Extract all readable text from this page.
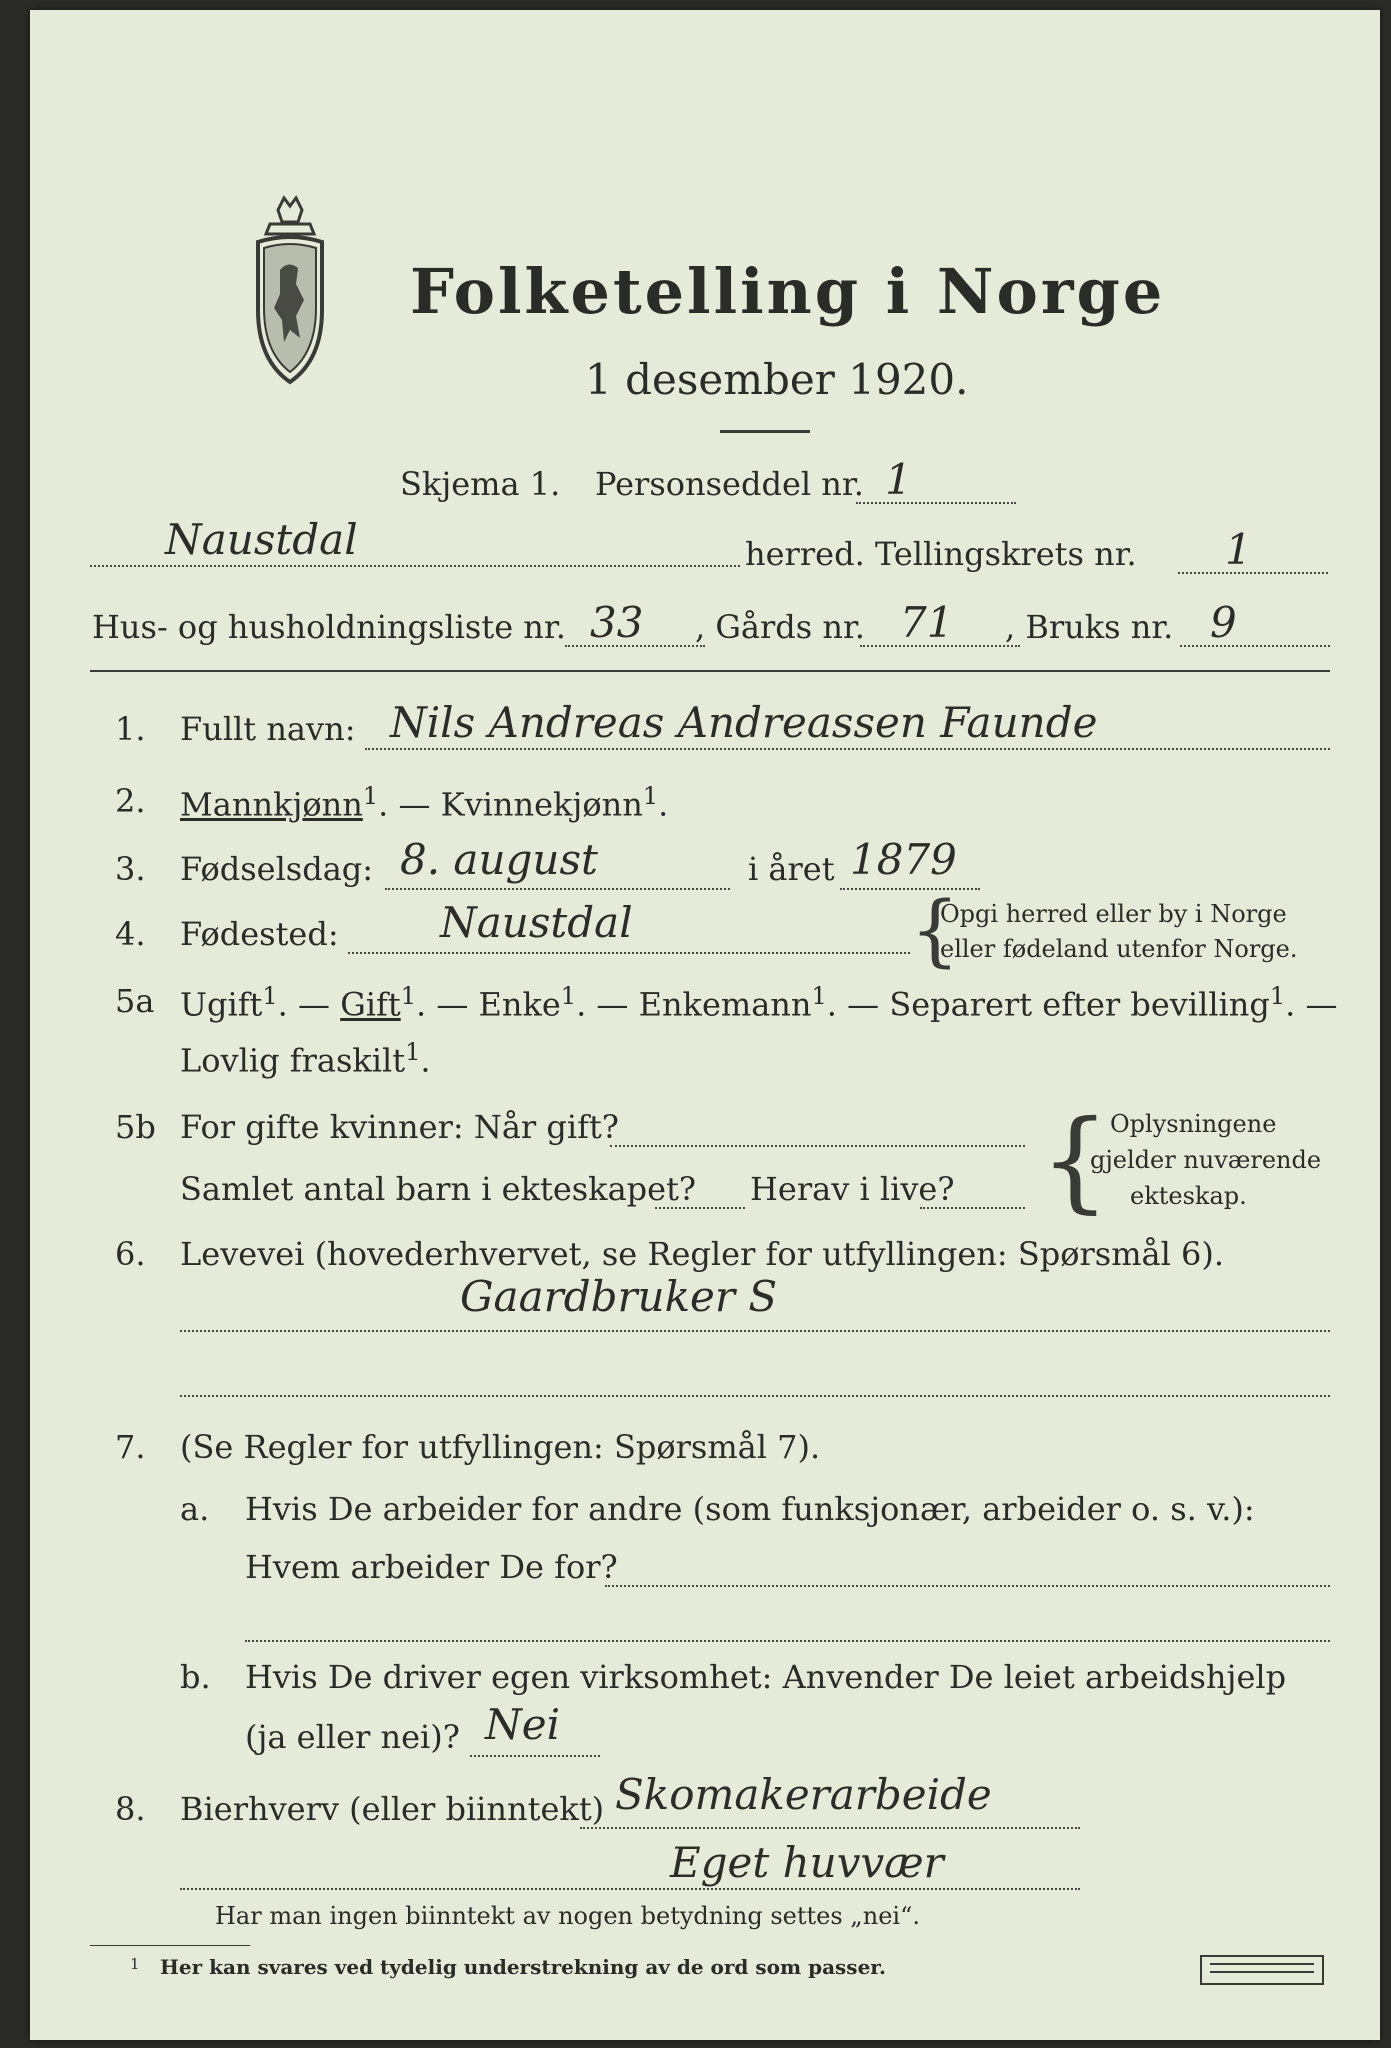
Folketelling i Norge
1 desember 1920.
Skjema 1. Personseddel nr. 1
Naustdal	herred. Tellingskrets nr. 1
Hus- og husholdningsliste nr. 33 , Gårds nr. 71 , Bruks nr. 9
1. Fullt navn: Nils Andreas Andreassen Faunde
2. Mannkjønn$^1$. — Kvinnekjønn$^1$.
3. Fødselsdag: 8. august	i året 1879
4. Fødested: Naustdal	{
Opgi herred eller by i Norge
eller fødeland utenfor Norge.
5a Ugift$^1$. — Gift$^1$. — Enke$^1$. — Enkemann$^1$. — Separert efter bevilling$^1$. —
Lovlig fraskilt$^1$.
5b For gifte kvinner: Når gift?
Samlet antal barn i ekteskapet? Herav i live? { Oplysningene
gjelder nuværende
ekteskap.
6. Levevei (hovederhvervet, se Regler for utfyllingen: Spørsmål 6).
Gaardbruker S
7. (Se Regler for utfyllingen: Spørsmål 7).
a. Hvis De arbeider for andre (som funksjonær, arbeider o. s. v.):
Hvem arbeider De for?
b. Hvis De driver egen virksomhet: Anvender De leiet arbeidshjelp
(ja eller nei)? Nei
8. Bierhverv (eller biinntekt) Skomakerarbeide
Eget huvvær
Har man ingen biinntekt av nogen betydning settes „nei“.
1 Her kan svares ved tydelig understrekning av de ord som passer.
